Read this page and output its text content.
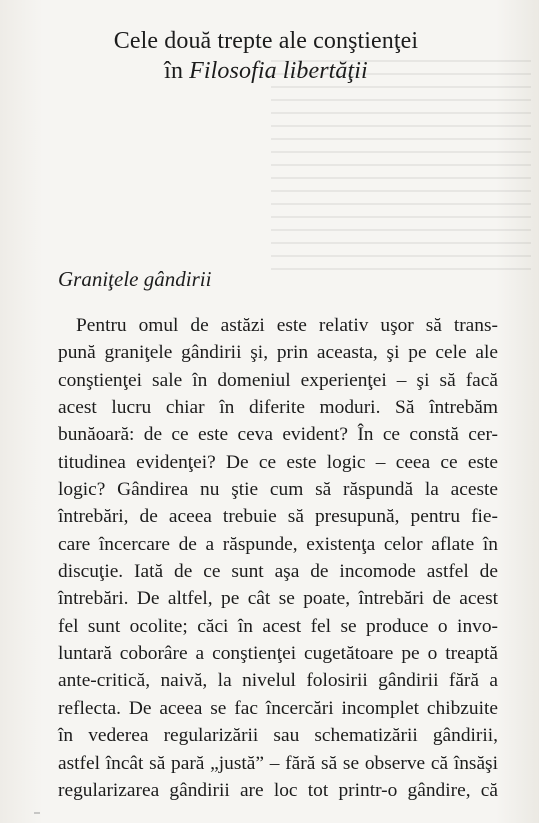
Cele două trepte ale conştienţei
în Filosofia libertăţii
Graniţele gândirii
Pentru omul de astăzi este relativ uşor să trans-
pună graniţele gândirii şi, prin aceasta, şi pe cele ale
conştienţei sale în domeniul experienţei – şi să facă
acest lucru chiar în diferite moduri. Să întrebăm
bunăoară: de ce este ceva evident? În ce constă cer-
titudinea evidenţei? De ce este logic – ceea ce este
logic? Gândirea nu ştie cum să răspundă la aceste
întrebări, de aceea trebuie să presupună, pentru fie-
care încercare de a răspunde, existenţa celor aflate în
discuţie. Iată de ce sunt aşa de incomode astfel de
întrebări. De altfel, pe cât se poate, întrebări de acest
fel sunt ocolite; căci în acest fel se produce o invo-
luntară coborâre a conştienţei cugetătoare pe o treaptă
ante-critică, naivă, la nivelul folosirii gândirii fără a
reflecta. De aceea se fac încercări incomplet chibzuite
în vederea regularizării sau schematizării gândirii,
astfel încât să pară „justă” – fără să se observe că însăşi
regularizarea gândirii are loc tot printr-o gândire, că
